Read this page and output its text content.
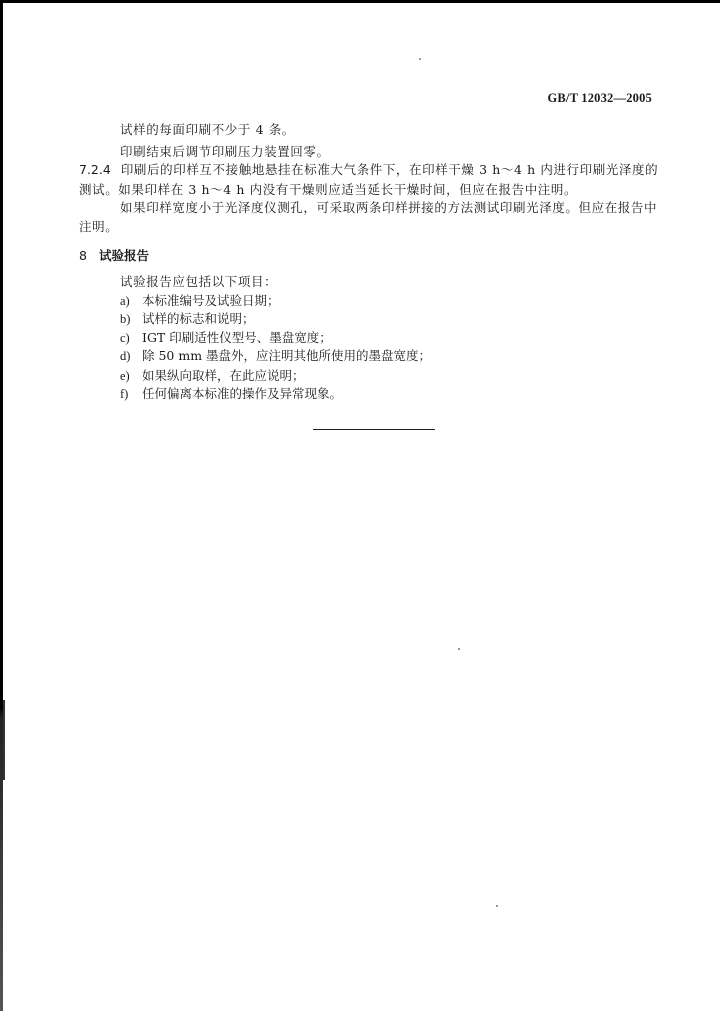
GB/T 12032—2005
试样的每面印刷不少于 4 条。
印刷结束后调节印刷压力装置回零。
7.2.4 印刷后的印样互不接触地悬挂在标准大气条件下，在印样干燥 3 h～4 h 内进行印刷光泽度的
测试。如果印样在 3 h～4 h 内没有干燥则应适当延长干燥时间，但应在报告中注明。
如果印样宽度小于光泽度仪测孔，可采取两条印样拼接的方法测试印刷光泽度。但应在报告中
注明。
8 试验报告
试验报告应包括以下项目：
a) 本标准编号及试验日期；
b) 试样的标志和说明；
c) IGT 印刷适性仪型号、墨盘宽度；
d) 除 50 mm 墨盘外，应注明其他所使用的墨盘宽度；
e) 如果纵向取样，在此应说明；
f) 任何偏离本标准的操作及异常现象。
